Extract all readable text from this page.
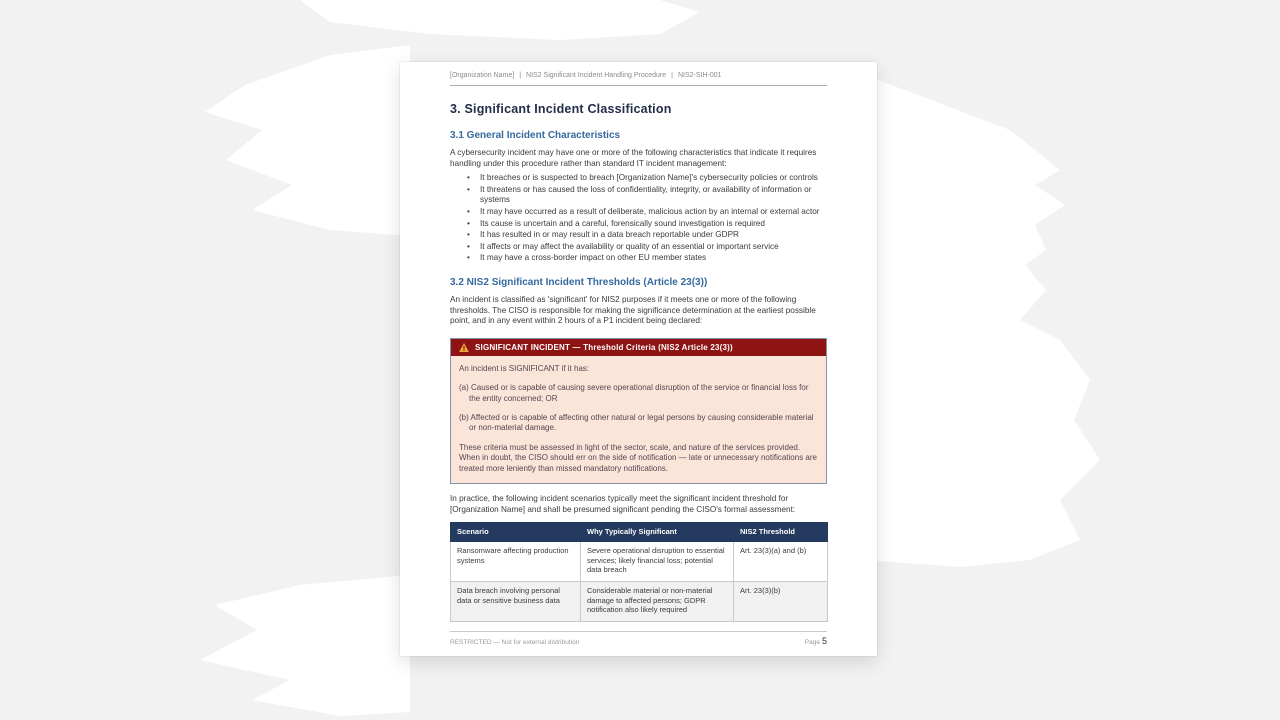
[Organization Name] | NIS2 Significant Incident Handling Procedure | NIS2-SIH-001
3. Significant Incident Classification
3.1 General Incident Characteristics

A cybersecurity incident may have one or more of the following characteristics that indicate it requires handling under this procedure rather than standard IT incident management:

• It breaches or is suspected to breach [Organization Name]'s cybersecurity policies or controls
• It threatens or has caused the loss of confidentiality, integrity, or availability of information or systems
• It may have occurred as a result of deliberate, malicious action by an internal or external actor
• Its cause is uncertain and a careful, forensically sound investigation is required
• It has resulted in or may result in a data breach reportable under GDPR
• It affects or may affect the availability or quality of an essential or important service
• It may have a cross-border impact on other EU member states
3.2 NIS2 Significant Incident Thresholds (Article 23(3))

An incident is classified as 'significant' for NIS2 purposes if it meets one or more of the following thresholds. The CISO is responsible for making the significance determination at the earliest possible point, and in any event within 2 hours of a P1 incident being declared:

SIGNIFICANT INCIDENT — Threshold Criteria (NIS2 Article 23(3))

An incident is SIGNIFICANT if it has:

(a) Caused or is capable of causing severe operational disruption of the service or financial loss for the entity concerned; OR

(b) Affected or is capable of affecting other natural or legal persons by causing considerable material or non-material damage.

These criteria must be assessed in light of the sector, scale, and nature of the services provided. When in doubt, the CISO should err on the side of notification — late or unnecessary notifications are treated more leniently than missed mandatory notifications.

In practice, the following incident scenarios typically meet the significant incident threshold for [Organization Name] and shall be presumed significant pending the CISO's formal assessment:

Scenario	Why Typically Significant	NIS2 Threshold
Ransomware affecting production systems	Severe operational disruption to essential services; likely financial loss; potential data breach	Art. 23(3)(a) and (b)
Data breach involving personal data or sensitive business data	Considerable material or non-material damage to affected persons; GDPR notification also likely required	Art. 23(3)(b)
RESTRICTED — Not for external distribution	Page 5
